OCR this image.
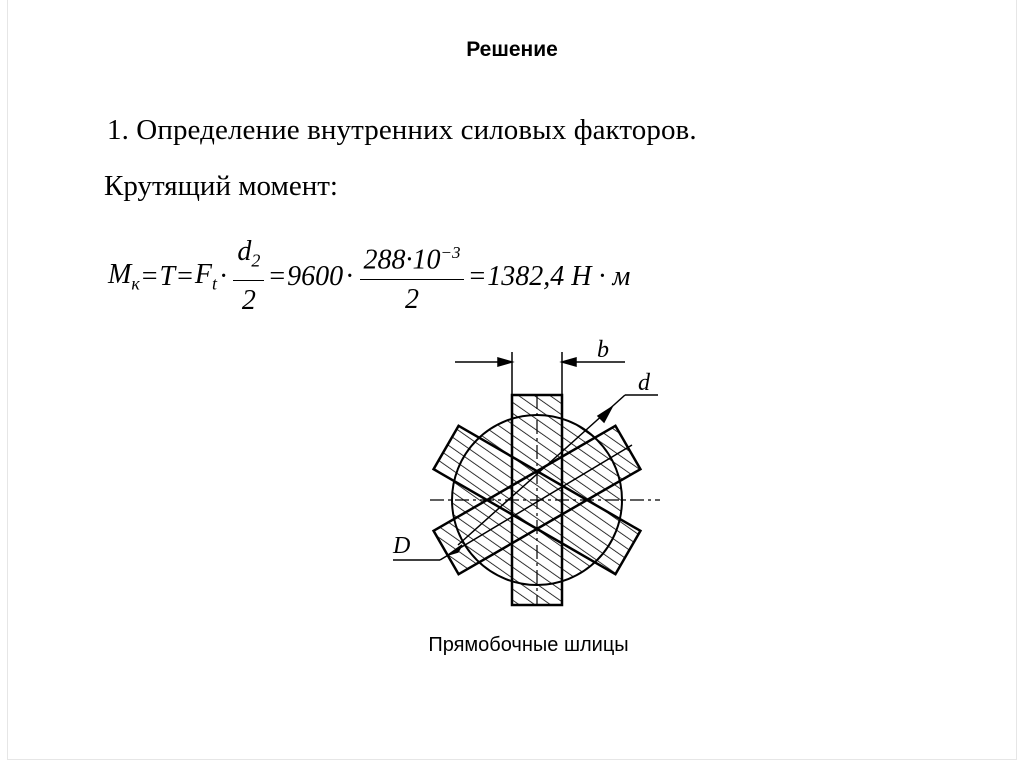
Решение
1. Определение внутренних силовых факторов.
Крутящий момент:
$M_к = T = F_t \cdot \frac{d_2}{2} = 9600 \cdot \frac{288\cdot 10^{-3}}{2} = 1382,4$ H · м
b
d
D
Прямобочные шлицы
